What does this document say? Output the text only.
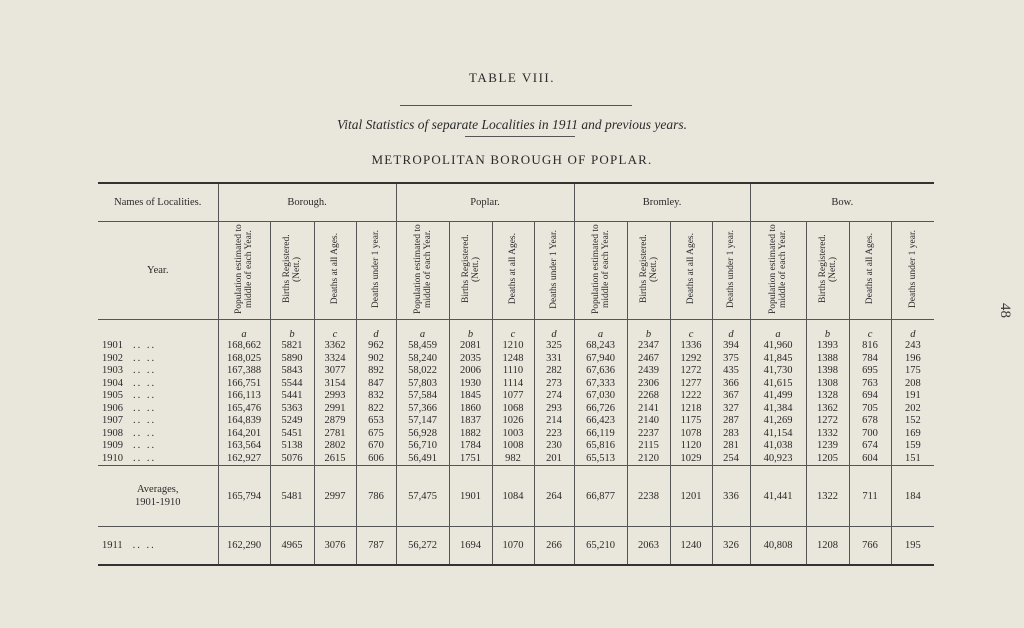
48
TABLE VIII.
Vital Statistics of separate Localities in 1911 and previous years.
METROPOLITAN BOROUGH OF POPLAR.
Names of Localities.	Borough.				Poplar.				Bromley.				Bow.			
Year.	Population estimated to middle of each Year.	Births Registered. (Nett.)	Deaths at all Ages.	Deaths under 1 year.	Population estimated to middle of each Year.	Births Registered. (Nett.)	Deaths at all Ages.	Deaths under 1 Year.	Population estimated to middle of each Year.	Births Registered. (Nett.)	Deaths at all Ages.	Deaths under 1 year.	Population estimated to middle of each Year.	Births Registered. (Nett.)	Deaths at all Ages.	Deaths under 1 year.
	a	b	c	d	a	b	c	d	a	b	c	d	a	b	c	d
1901 .. ..	168,662	5821	3362	962	58,459	2081	1210	325	68,243	2347	1336	394	41,960	1393	816	243
1902 .. ..	168,025	5890	3324	902	58,240	2035	1248	331	67,940	2467	1292	375	41,845	1388	784	196
1903 .. ..	167,388	5843	3077	892	58,022	2006	1110	282	67,636	2439	1272	435	41,730	1398	695	175
1904 .. ..	166,751	5544	3154	847	57,803	1930	1114	273	67,333	2306	1277	366	41,615	1308	763	208
1905 .. ..	166,113	5441	2993	832	57,584	1845	1077	274	67,030	2268	1222	367	41,499	1328	694	191
1906 .. ..	165,476	5363	2991	822	57,366	1860	1068	293	66,726	2141	1218	327	41,384	1362	705	202
1907 .. ..	164,839	5249	2879	653	57,147	1837	1026	214	66,423	2140	1175	287	41,269	1272	678	152
1908 .. ..	164,201	5451	2781	675	56,928	1882	1003	223	66,119	2237	1078	283	41,154	1332	700	169
1909 .. ..	163,564	5138	2802	670	56,710	1784	1008	230	65,816	2115	1120	281	41,038	1239	674	159
1910 .. ..	162,927	5076	2615	606	56,491	1751	982	201	65,513	2120	1029	254	40,923	1205	604	151

Averages,
1901-1910	165,794	5481	2997	786	57,475	1901	1084	264	66,877	2238	1201	336	41,441	1322	711	184
1911 .. ..	162,290	4965	3076	787	56,272	1694	1070	266	65,210	2063	1240	326	40,808	1208	766	195
